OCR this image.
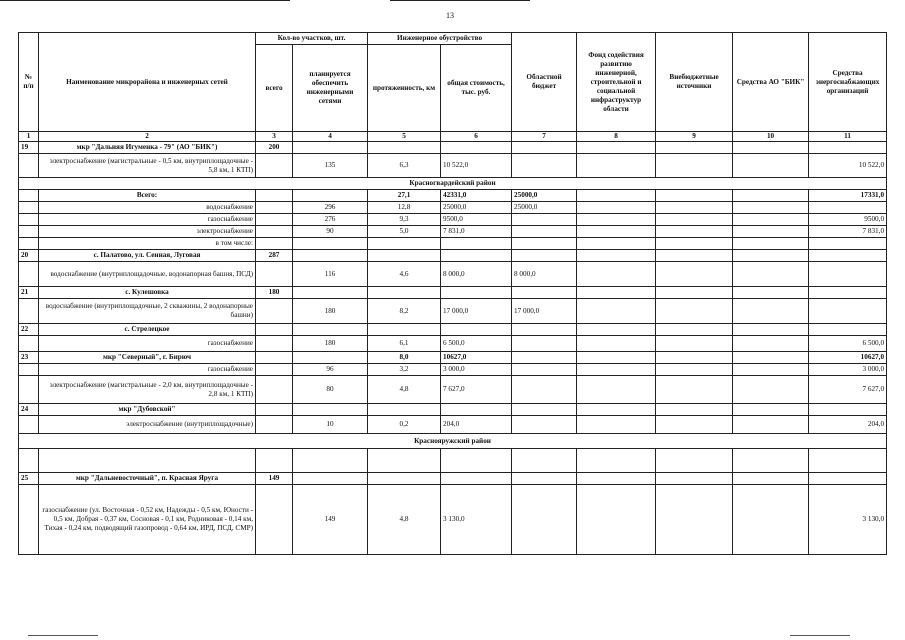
13
№ п/п	Наименование микрорайона и инженерных сетей	Кол-во участков, шт.		Инженерное обустройство		Областной бюджет	Фонд содействия развитию инженерной, строительной и социальной инфраструктур области	Внебюджетные источники	Средства АО "БИК"	Средства энергоснабжающих организаций
		всего	планируется обеспечить инженерными сетями	протяженность, км	общая стоимость, тыс. руб.					
1	2	3	4	5	6	7	8	9	10	11
19	мкр "Дальняя Игуменка - 79" (АО "БИК")	200								
	электроснабжение (магистральные - 0,5 км, внутриплощадочные - 5,8 км, 1 КТП)		135	6,3	10 522,0					10 522,0
Красногвардейский район										
	Всего:			27,1	42331,0	25000,0				17331,0
	водоснабжение		296	12,8	25000,0	25000,0				
	газоснабжение		276	9,3	9500,0					9500,0
	электроснабжение		90	5,0	7 831,0					7 831,0
	в том числе:									
20	с. Палатово, ул. Сенная, Луговая	287								
	водоснабжение (внутриплощадочные, водонапорная башня, ПСД)		116	4,6	8 000,0	8 000,0				
21	с. Кулешовка	180								
	водоснабжение (внутриплощадочные, 2 скважины, 2 водонапорные башни)		180	8,2	17 000,0	17 000,0				
22	с. Стрелецкое									
	газоснабжение		180	6,1	6 500,0					6 500,0
23	мкр "Северный", г. Бирюч			8,0	10627,0					10627,0
	газоснабжение		96	3,2	3 000,0					3 000,0
	электроснабжение (магистральные - 2,0 км, внутриплощадочные - 2,8 км, 1 КТП)		80	4,8	7 627,0					7 627,0
24	мкр "Дубовской"									
	электроснабжение (внутриплощадочные)		10	0,2	204,0					204,0
Краснояружский район										

25	мкр "Дальневосточный", п. Красная Яруга	149								
	газоснабжение (ул. Восточная - 0,52 км, Надежды - 0,5 км, Юности - 0,5 км, Добрая - 0,37 км, Сосновая - 0,1 км, Родниковая - 0,14 км, Тихая - 0,24 км, подводящий газопровод - 0,64 км, ИРД, ПСД, СМР)		149	4,8	3 130,0					3 130,0
